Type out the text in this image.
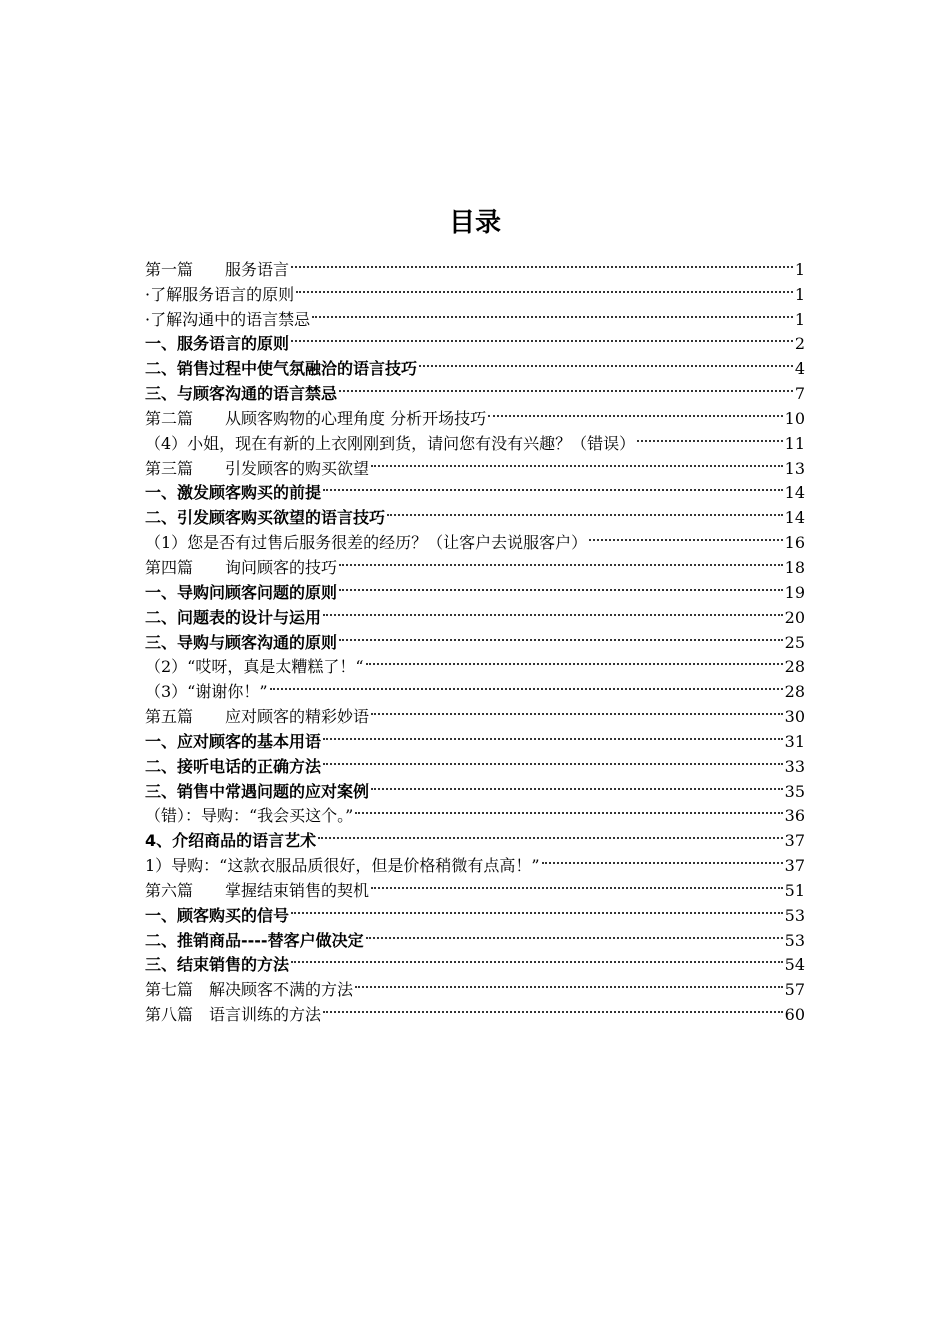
目录
第一篇　　服务语言	1
·了解服务语言的原则	1
·了解沟通中的语言禁忌	1
一、服务语言的原则	2
二、销售过程中使气氛融洽的语言技巧	4
三、与顾客沟通的语言禁忌	7
第二篇　　从顾客购物的心理角度 分析开场技巧	10
（4）小姐，现在有新的上衣刚刚到货，请问您有没有兴趣？（错误）	11
第三篇　　引发顾客的购买欲望	13
一、激发顾客购买的前提	14
二、引发顾客购买欲望的语言技巧	14
（1）您是否有过售后服务很差的经历？（让客户去说服客户）	16
第四篇　　询问顾客的技巧	18
一、导购问顾客问题的原则	19
二、问题表的设计与运用	20
三、导购与顾客沟通的原则	25
（2）“哎呀，真是太糟糕了！“	28
（3）“谢谢你！”	28
第五篇　　应对顾客的精彩妙语	30
一、应对顾客的基本用语	31
二、接听电话的正确方法	33
三、销售中常遇问题的应对案例	35
（错）：导购：“我会买这个。”	36
4、介绍商品的语言艺术	37
1）导购：“这款衣服品质很好，但是价格稍微有点高！”	37
第六篇　　掌握结束销售的契机	51
一、顾客购买的信号	53
二、推销商品----替客户做决定	53
三、结束销售的方法	54
第七篇　解决顾客不满的方法	57
第八篇　语言训练的方法	60
